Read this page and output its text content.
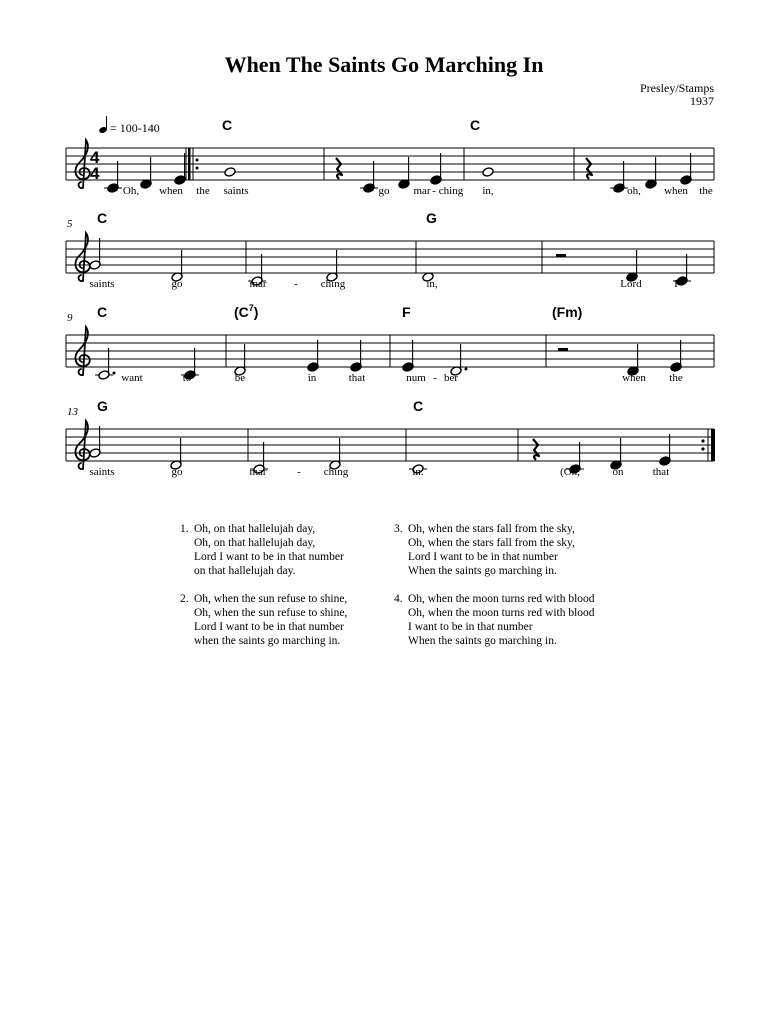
When The Saints Go Marching In
Presley/Stamps
1937
C	C
Oh, when the saints	go mar - ching in,	oh, when the
5 C	G
saints	go	mar	- ching	in,	Lord	I
9 C	$(C^7)$	F	(Fm)
want	to	be	in	that	num - ber	when the
13 G	C
saints	go	mar	- ching	in.	(Oh,	on	that
4
4
= 100-140
1. Oh, on that hallelujah day,
Oh, on that hallelujah day,
Lord I want to be in that number
on that hallelujah day.
2. Oh, when the sun refuse to shine,
Oh, when the sun refuse to shine,
Lord I want to be in that number
when the saints go marching in.
3. Oh, when the stars fall from the sky,
Oh, when the stars fall from the sky,
Lord I want to be in that number
When the saints go marching in.
4. Oh, when the moon turns red with blood
Oh, when the moon turns red with blood
I want to be in that number
When the saints go marching in.
